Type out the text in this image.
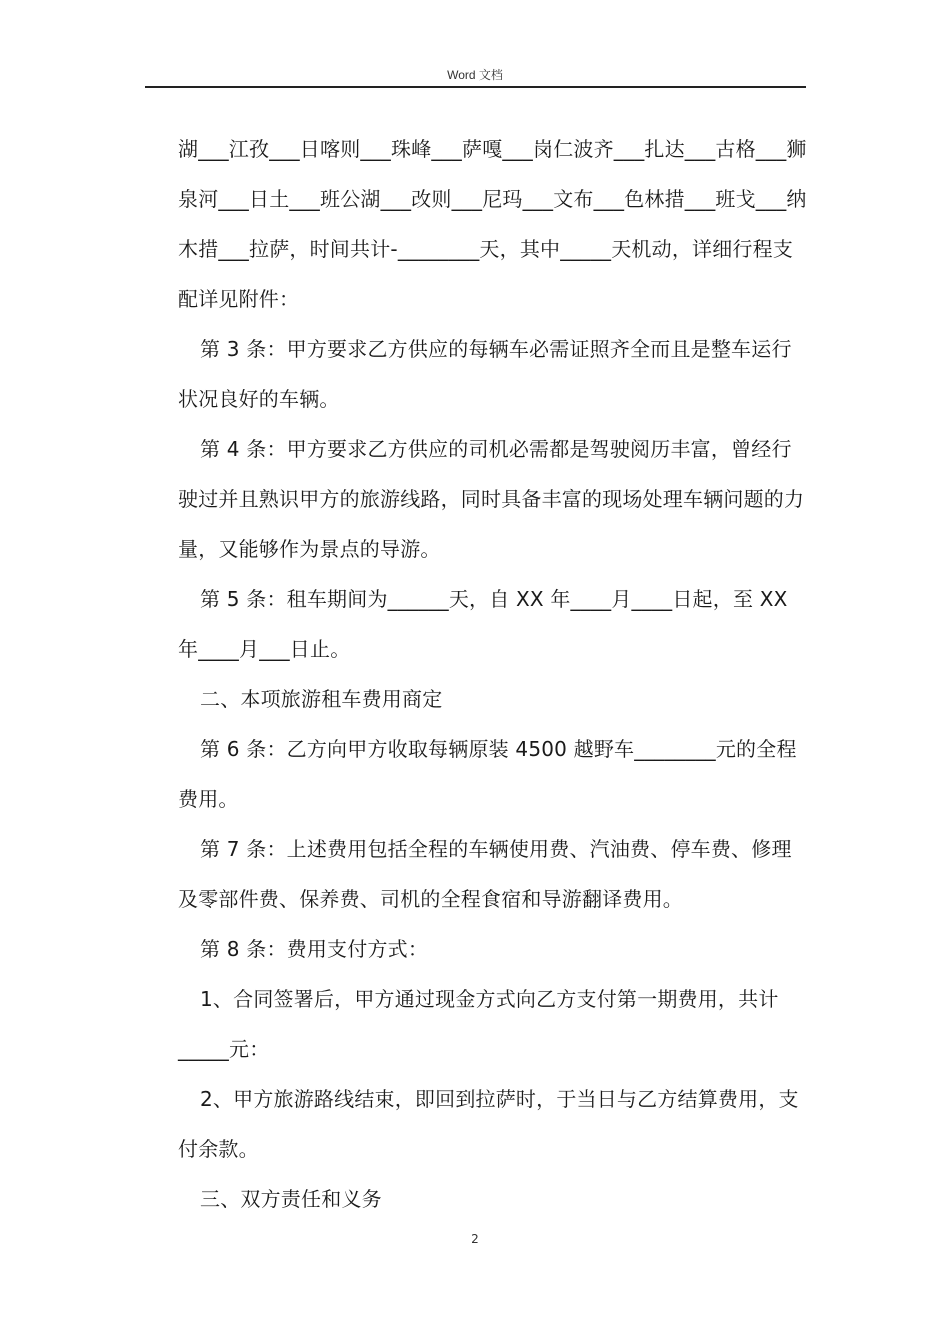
Word 文档

湖___江孜___日喀则___珠峰___萨嘎___岗仁波齐___扎达___古格___狮泉河___日土___班公湖___改则___尼玛___文布___色林措___班戈___纳木措___拉萨，时间共计-________天，其中_____天机动，详细行程支配详见附件：

第 3 条：甲方要求乙方供应的每辆车必需证照齐全而且是整车运行状况良好的车辆。

第 4 条：甲方要求乙方供应的司机必需都是驾驶阅历丰富，曾经行驶过并且熟识甲方的旅游线路，同时具备丰富的现场处理车辆问题的力量，又能够作为景点的导游。

第 5 条：租车期间为______天，自 XX 年____月____日起，至 XX 年____月___日止。

二、本项旅游租车费用商定

第 6 条：乙方向甲方收取每辆原装 4500 越野车________元的全程费用。

第 7 条：上述费用包括全程的车辆使用费、汽油费、停车费、修理及零部件费、保养费、司机的全程食宿和导游翻译费用。

第 8 条：费用支付方式：

1、合同签署后，甲方通过现金方式向乙方支付第一期费用，共计_____元：

2、甲方旅游路线结束，即回到拉萨时，于当日与乙方结算费用，支付余款。

三、双方责任和义务

2
